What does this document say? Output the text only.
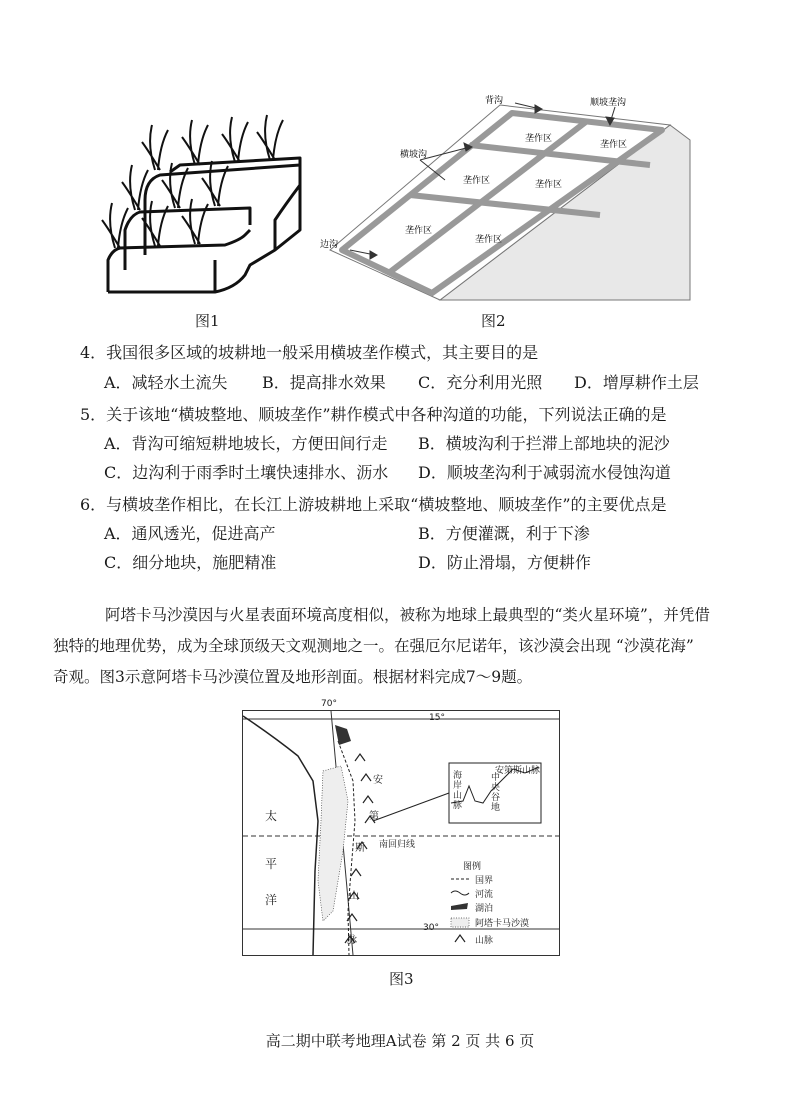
图1
背沟	顺坡垄沟
横坡沟
边沟
垄作区
垄作区
垄作区	垄作区
垄作区
垄作区
图2
4．我国很多区域的坡耕地一般采用横坡垄作模式，其主要目的是
A．减轻水土流失 B．提高排水效果 C．充分利用光照 D．增厚耕作土层
5．关于该地“横坡整地、顺坡垄作”耕作模式中各种沟道的功能，下列说法正确的是
A．背沟可缩短耕地坡长，方便田间行走 B．横坡沟利于拦滞上部地块的泥沙
C．边沟利于雨季时土壤快速排水、沥水 D．顺坡垄沟利于减弱流水侵蚀沟道
6．与横坡垄作相比，在长江上游坡耕地上采取“横坡整地、顺坡垄作”的主要优点是
A．通风透光，促进高产	B．方便灌溉，利于下渗
C．细分地块，施肥精准	D．防止滑塌，方便耕作

阿塔卡马沙漠因与火星表面环境高度相似，被称为地球上最典型的“类火星环境”，并凭借

独特的地理优势，成为全球顶级天文观测地之一。在强厄尔尼诺年，该沙漠会出现 “沙漠花海”

奇观。图3示意阿塔卡马沙漠位置及地形剖面。根据材料完成7～9题。

70°
15°
30°
太
平
洋
安
第
斯
山
脉
南回归线
海
岸
山
脉
中
央
谷
地
安第斯山脉
图例
国界
河流
湖泊
阿塔卡马沙漠
山脉
图3
高二期中联考地理A试卷 第 2 页 共 6 页
